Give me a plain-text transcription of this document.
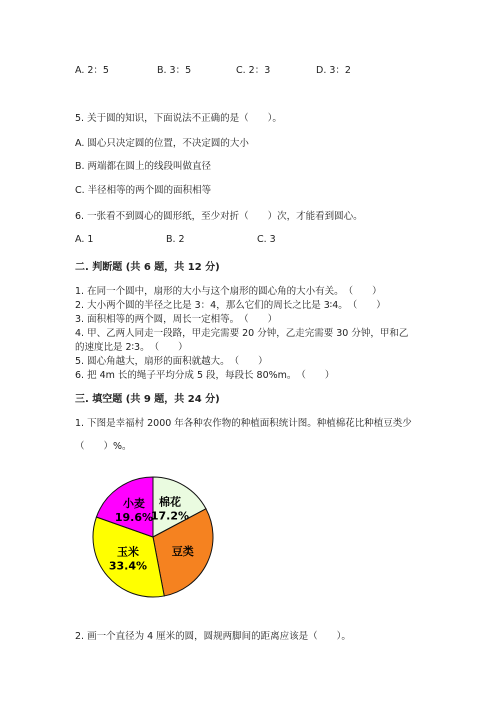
A. 2：5	B. 3：5	C. 2：3	D. 3：2
5. 关于圆的知识，下面说法不正确的是（　　）。
A. 圆心只决定圆的位置，不决定圆的大小
B. 两端都在圆上的线段叫做直径
C. 半径相等的两个圆的面积相等
6. 一张看不到圆心的圆形纸，至少对折（　　）次，才能看到圆心。
A. 1	B. 2	C. 3
二. 判断题 (共 6 题，共 12 分)
1. 在同一个圆中，扇形的大小与这个扇形的圆心角的大小有关。　（　　）
2. 大小两个圆的半径之比是 3：4，那么它们的周长之比是 3∶4。　（　　）
3. 面积相等的两个圆，周长一定相等。　（　　）
4. 甲、乙两人同走一段路，甲走完需要 20 分钟，乙走完需要 30 分钟，甲和乙
的速度比是 2∶3。　（　　）
5. 圆心角越大，扇形的面积就越大。　（　　）
6. 把 4m 长的绳子平均分成 5 段，每段长 80%m。　（　　）
三. 填空题 (共 9 题，共 24 分)
1. 下图是幸福村 2000 年各种农作物的种植面积统计图。种植棉花比种植豆类少
（　　）%。
棉花
17.2%
豆类
玉米
33.4%
小麦
19.6%
2. 画一个直径为 4 厘米的圆，圆规两脚间的距离应该是（　　）。
